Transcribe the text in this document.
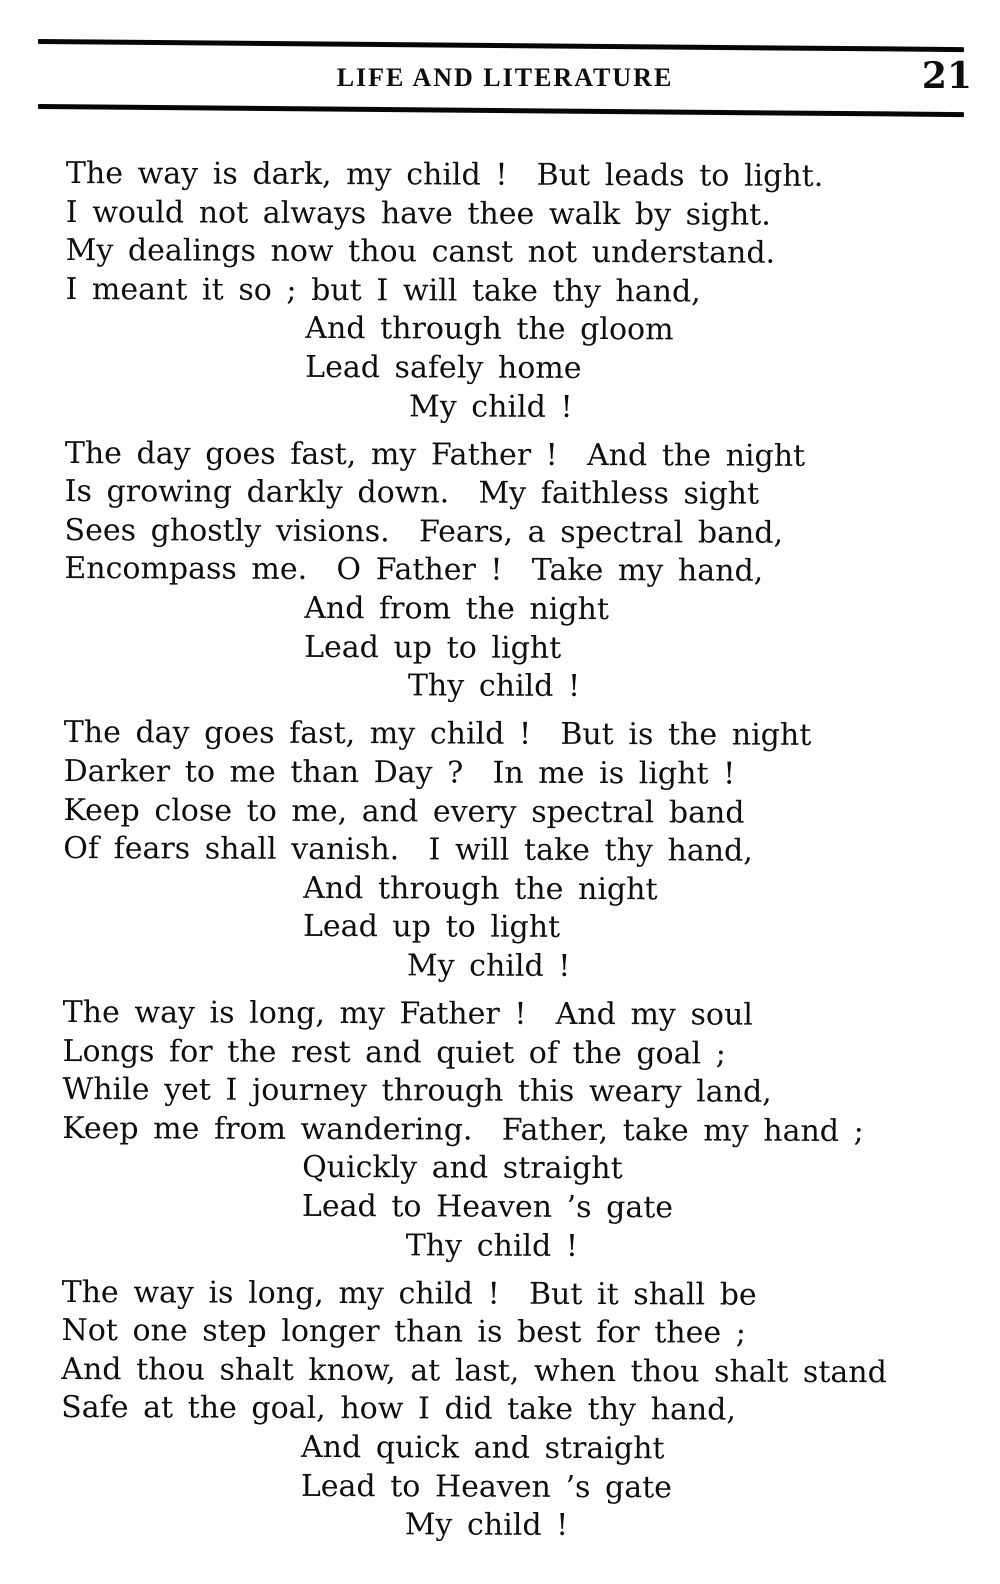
LIFE AND LITERATURE	21
The way is dark, my child !  But leads to light.
I would not always have thee walk by sight.
My dealings now thou canst not understand.
I meant it so ; but I will take thy hand,
And through the gloom
Lead safely home
My child !
The day goes fast, my Father !  And the night
Is growing darkly down.  My faithless sight
Sees ghostly visions.  Fears, a spectral band,
Encompass me.  O Father !  Take my hand,
And from the night
Lead up to light
Thy child !
The day goes fast, my child !  But is the night
Darker to me than Day ?  In me is light !
Keep close to me, and every spectral band
Of fears shall vanish.  I will take thy hand,
And through the night
Lead up to light
My child !
The way is long, my Father !  And my soul
Longs for the rest and quiet of the goal ;
While yet I journey through this weary land,
Keep me from wandering.  Father, take my hand ;
Quickly and straight
Lead to Heaven ’s gate
Thy child !
The way is long, my child !  But it shall be
Not one step longer than is best for thee ;
And thou shalt know, at last, when thou shalt stand
Safe at the goal, how I did take thy hand,
And quick and straight
Lead to Heaven ’s gate
My child !
